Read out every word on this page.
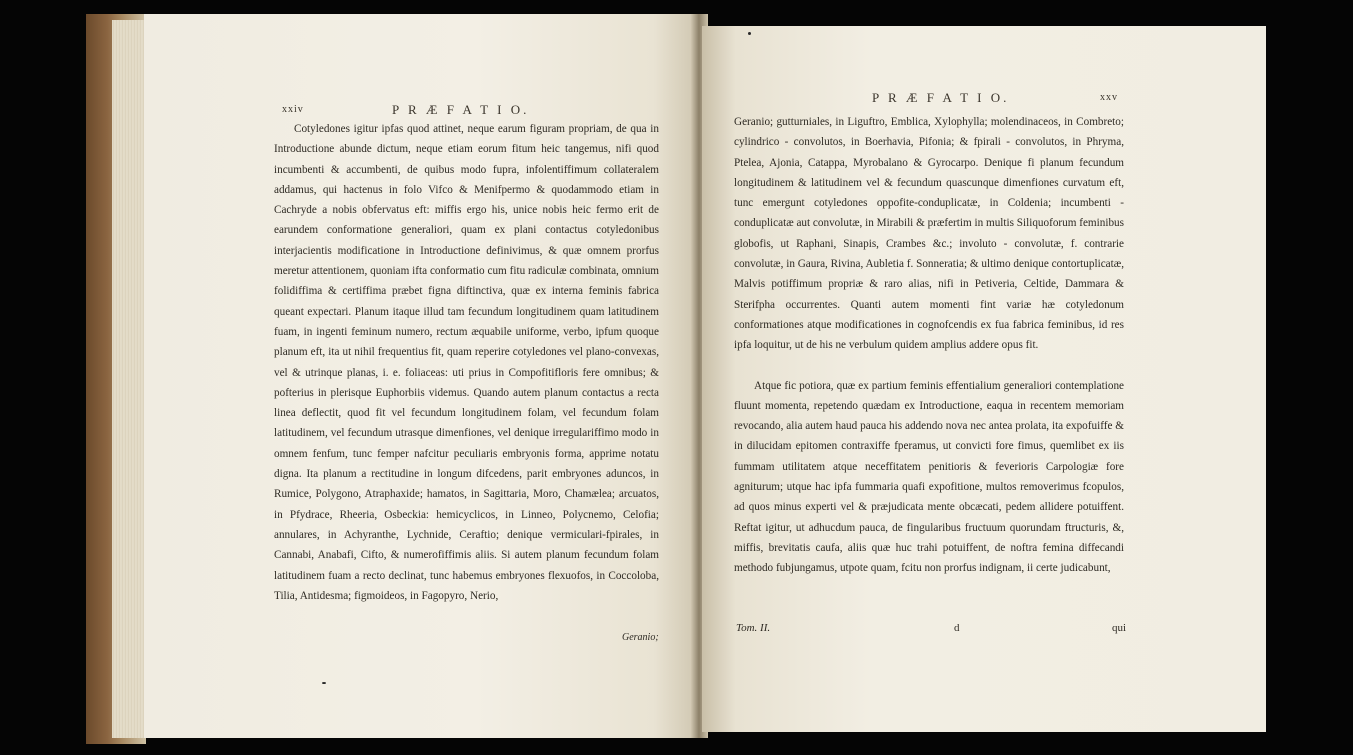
xxiv	P R Æ F A T I O.

Cotyledones igitur ipfas quod attinet, neque earum figuram propriam, de qua in Introductione abunde dictum, neque etiam eorum fitum heic tangemus, nifi quod incumbenti & accumbenti, de quibus modo fupra, infolentiffimum collateralem addamus, qui hactenus in folo Vifco & Menifpermo & quodammodo etiam in Cachryde a nobis obfervatus eft: miffis ergo his, unice nobis heic fermo erit de earundem conformatione generaliori, quam ex plani contactus cotyledonibus interjacientis modificatione in Introductione definivimus, & quæ omnem prorfus meretur attentionem, quoniam ifta conformatio cum fitu radiculæ combinata, omnium folidiffima & certiffima præbet figna diftinctiva, quæ ex interna feminis fabrica queant expectari. Planum itaque illud tam fecundum longitudinem quam latitudinem fuam, in ingenti feminum numero, rectum æquabile uniforme, verbo, ipfum quoque planum eft, ita ut nihil frequentius fit, quam reperire cotyledones vel plano-convexas, vel & utrinque planas, i. e. foliaceas: uti prius in Compofitifloris fere omnibus; & pofterius in plerisque Euphorbiis videmus. Quando autem planum contactus a recta linea deflectit, quod fit vel fecundum longitudinem folam, vel fecundum folam latitudinem, vel fecundum utrasque dimenfiones, vel denique irregulariffimo modo in omnem fenfum, tunc femper nafcitur peculiaris embryonis forma, apprime notatu digna. Ita planum a rectitudine in longum difcedens, parit embryones aduncos, in Rumice, Polygono, Atraphaxide; hamatos, in Sagittaria, Moro, Chamælea; arcuatos, in Pfydrace, Rheeria, Osbeckia: hemicyclicos, in Linneo, Polycnemo, Celofia; annulares, in Achyranthe, Lychnide, Ceraftio; denique vermiculari-fpirales, in Cannabi, Anabafi, Cifto, & numerofiffimis aliis. Si autem planum fecundum folam latitudinem fuam a recto declinat, tunc habemus embryones flexuofos, in Coccoloba, Tilia, Antidesma; figmoideos, in Fagopyro, Nerio,

Geranio;
P R Æ F A T I O.	xxv

Geranio; gutturniales, in Liguftro, Emblica, Xylophylla; molendinaceos, in Combreto; cylindrico - convolutos, in Boerhavia, Pifonia; & fpirali - convolutos, in Phryma, Ptelea, Ajonia, Catappa, Myrobalano & Gyrocarpo. Denique fi planum fecundum longitudinem & latitudinem vel & fecundum quascunque dimenfiones curvatum eft, tunc emergunt cotyledones oppofite-conduplicatæ, in Coldenia; incumbenti - conduplicatæ aut convolutæ, in Mirabili & præfertim in multis Siliquoforum feminibus globofis, ut Raphani, Sinapis, Crambes &c.; involuto - convolutæ, f. contrarie convolutæ, in Gaura, Rivina, Aubletia f. Sonneratia; & ultimo denique contortuplicatæ, Malvis potiffimum propriæ & raro alias, nifi in Petiveria, Celtide, Dammara & Sterifpha occurrentes. Quanti autem momenti fint variæ hæ cotyledonum conformationes atque modificationes in cognofcendis ex fua fabrica feminibus, id res ipfa loquitur, ut de his ne verbulum quidem amplius addere opus fit.

Atque fic potiora, quæ ex partium feminis effentialium generaliori contemplatione fluunt momenta, repetendo quædam ex Introductione, eaqua in recentem memoriam revocando, alia autem haud pauca his addendo nova nec antea prolata, ita expofuiffe & in dilucidam epitomen contraxiffe fperamus, ut convicti fore fimus, quemlibet ex iis fummam utilitatem atque neceffitatem penitioris & feverioris Carpologiæ fore agniturum; utque hac ipfa fummaria quafi expofitione, multos removerimus fcopulos, ad quos minus experti vel & præjudicata mente obcæcati, pedem allidere potuiffent. Reftat igitur, ut adhucdum pauca, de fingularibus fructuum quorundam ftructuris, &, miffis, brevitatis caufa, aliis quæ huc trahi potuiffent, de noftra femina diffecandi methodo fubjungamus, utpote quam, fcitu non prorfus indignam, ii certe judicabunt,

Tom. II.	d	qui
